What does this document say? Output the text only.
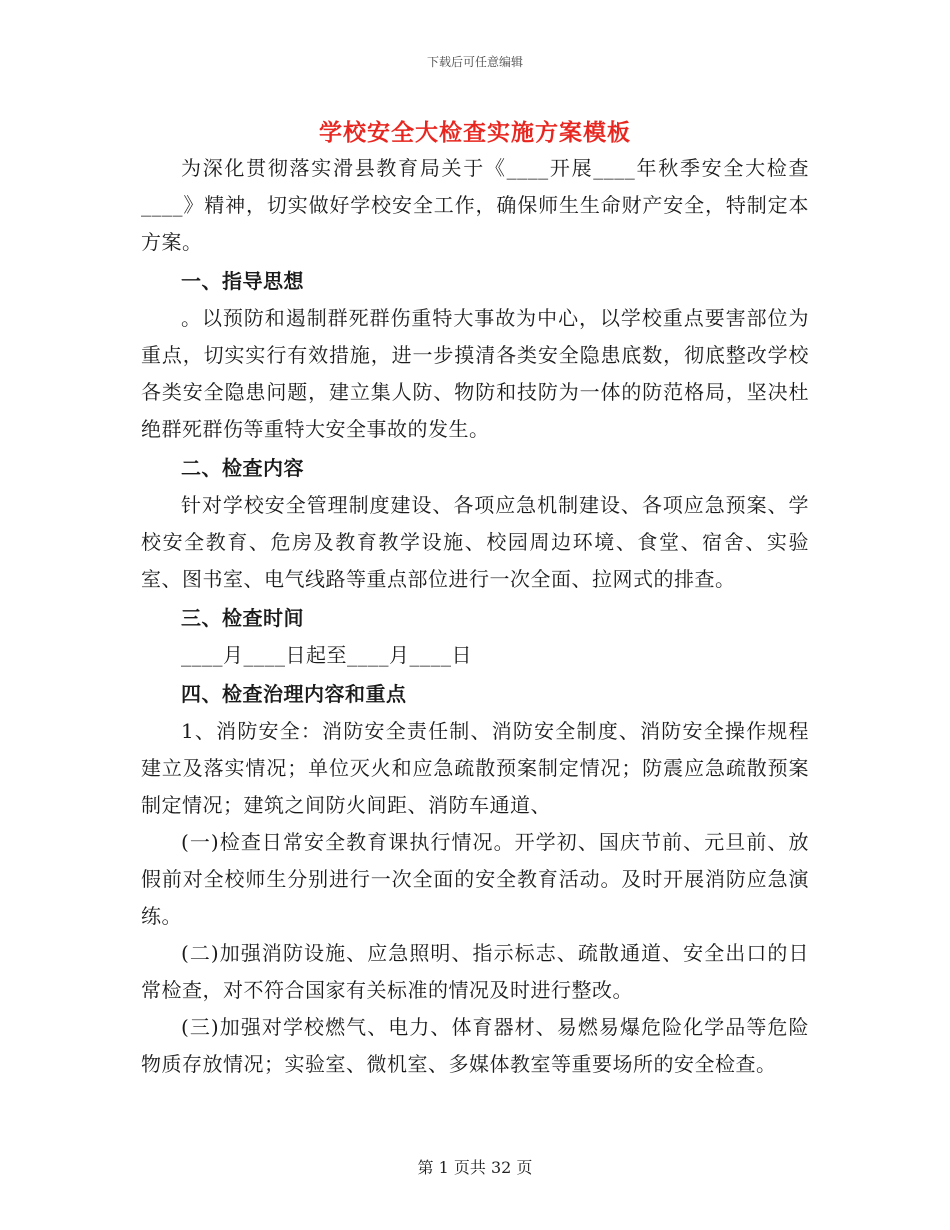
下载后可任意编辑
学校安全大检查实施方案模板

为深化贯彻落实滑县教育局关于《____开展____年秋季安全大检查____》精神，切实做好学校安全工作，确保师生生命财产安全，特制定本方案。

一、指导思想

。以预防和遏制群死群伤重特大事故为中心，以学校重点要害部位为重点，切实实行有效措施，进一步摸清各类安全隐患底数，彻底整改学校各类安全隐患问题，建立集人防、物防和技防为一体的防范格局，坚决杜绝群死群伤等重特大安全事故的发生。

二、检查内容

针对学校安全管理制度建设、各项应急机制建设、各项应急预案、学校安全教育、危房及教育教学设施、校园周边环境、食堂、宿舍、实验室、图书室、电气线路等重点部位进行一次全面、拉网式的排查。

三、检查时间

____月____日起至____月____日

四、检查治理内容和重点

1、消防安全：消防安全责任制、消防安全制度、消防安全操作规程建立及落实情况；单位灭火和应急疏散预案制定情况；防震应急疏散预案制定情况；建筑之间防火间距、消防车通道、

(一)检查日常安全教育课执行情况。开学初、国庆节前、元旦前、放假前对全校师生分别进行一次全面的安全教育活动。及时开展消防应急演练。

(二)加强消防设施、应急照明、指示标志、疏散通道、安全出口的日常检查，对不符合国家有关标准的情况及时进行整改。

(三)加强对学校燃气、电力、体育器材、易燃易爆危险化学品等危险物质存放情况；实验室、微机室、多媒体教室等重要场所的安全检查。

第 1 页共 32 页
